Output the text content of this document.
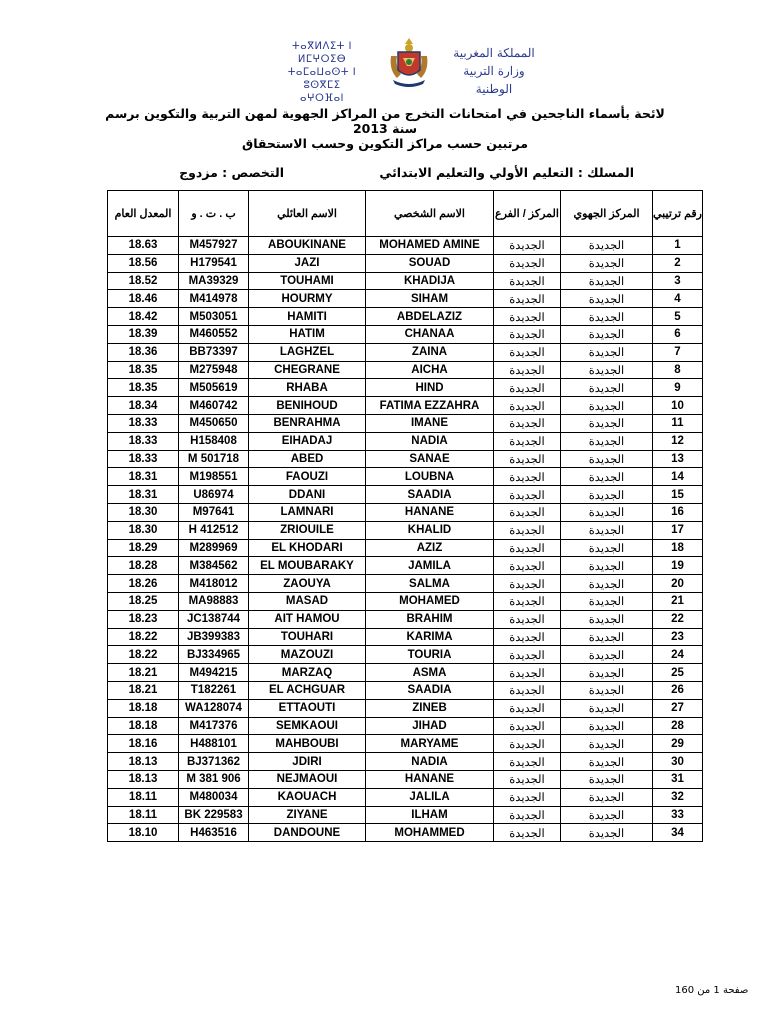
ⵜⴰⴳⵍⴷⵉⵜ ⵏ ⵍⵎⵖⵔⵉⴱ
ⵜⴰⵎⴰⵡⴰⵙⵜ ⵏ ⵓⵙⴳⵎⵉ
ⴰⵖⵔⴼⴰⵏ
المملكة المغربية
وزارة التربية الوطنية
لائحة بأسماء الناجحين في امتحانات التخرج من المراكز الجهوية لمهن التربية والتكوين برسم سنة 2013
مرتبين حسب مراكز التكوين وحسب الاستحقاق
المسلك : التعليم الأولي والتعليم الابتدائي
التخصص : مزدوج
المعدل العام	ب . ت . و	الاسم العائلي	الاسم الشخصي	المركز / الفرع	المركز الجهوي	رقم ترتيبي
18.63	M457927	ABOUKINANE	MOHAMED AMINE	الجديدة	الجديدة	1
18.56	H179541	JAZI	SOUAD	الجديدة	الجديدة	2
18.52	MA39329	TOUHAMI	KHADIJA	الجديدة	الجديدة	3
18.46	M414978	HOURMY	SIHAM	الجديدة	الجديدة	4
18.42	M503051	HAMITI	ABDELAZIZ	الجديدة	الجديدة	5
18.39	M460552	HATIM	CHANAA	الجديدة	الجديدة	6
18.36	BB73397	LAGHZEL	ZAINA	الجديدة	الجديدة	7
18.35	M275948	CHEGRANE	AICHA	الجديدة	الجديدة	8
18.35	M505619	RHABA	HIND	الجديدة	الجديدة	9
18.34	M460742	BENIHOUD	FATIMA EZZAHRA	الجديدة	الجديدة	10
18.33	M450650	BENRAHMA	IMANE	الجديدة	الجديدة	11
18.33	H158408	EIHADAJ	NADIA	الجديدة	الجديدة	12
18.33	M 501718	ABED	SANAE	الجديدة	الجديدة	13
18.31	M198551	FAOUZI	LOUBNA	الجديدة	الجديدة	14
18.31	U86974	DDANI	SAADIA	الجديدة	الجديدة	15
18.30	M97641	LAMNARI	HANANE	الجديدة	الجديدة	16
18.30	H 412512	ZRIOUILE	KHALID	الجديدة	الجديدة	17
18.29	M289969	EL KHODARI	AZIZ	الجديدة	الجديدة	18
18.28	M384562	EL MOUBARAKY	JAMILA	الجديدة	الجديدة	19
18.26	M418012	ZAOUYA	SALMA	الجديدة	الجديدة	20
18.25	MA98883	MASAD	MOHAMED	الجديدة	الجديدة	21
18.23	JC138744	AIT HAMOU	BRAHIM	الجديدة	الجديدة	22
18.22	JB399383	TOUHARI	KARIMA	الجديدة	الجديدة	23
18.22	BJ334965	MAZOUZI	TOURIA	الجديدة	الجديدة	24
18.21	M494215	MARZAQ	ASMA	الجديدة	الجديدة	25
18.21	T182261	EL ACHGUAR	SAADIA	الجديدة	الجديدة	26
18.18	WA128074	ETTAOUTI	ZINEB	الجديدة	الجديدة	27
18.18	M417376	SEMKAOUI	JIHAD	الجديدة	الجديدة	28
18.16	H488101	MAHBOUBI	MARYAME	الجديدة	الجديدة	29
18.13	BJ371362	JDIRI	NADIA	الجديدة	الجديدة	30
18.13	M 381 906	NEJMAOUI	HANANE	الجديدة	الجديدة	31
18.11	M480034	KAOUACH	JALILA	الجديدة	الجديدة	32
18.11	BK 229583	ZIYANE	ILHAM	الجديدة	الجديدة	33
18.10	H463516	DANDOUNE	MOHAMMED	الجديدة	الجديدة	34
صفحة 1 من 160
